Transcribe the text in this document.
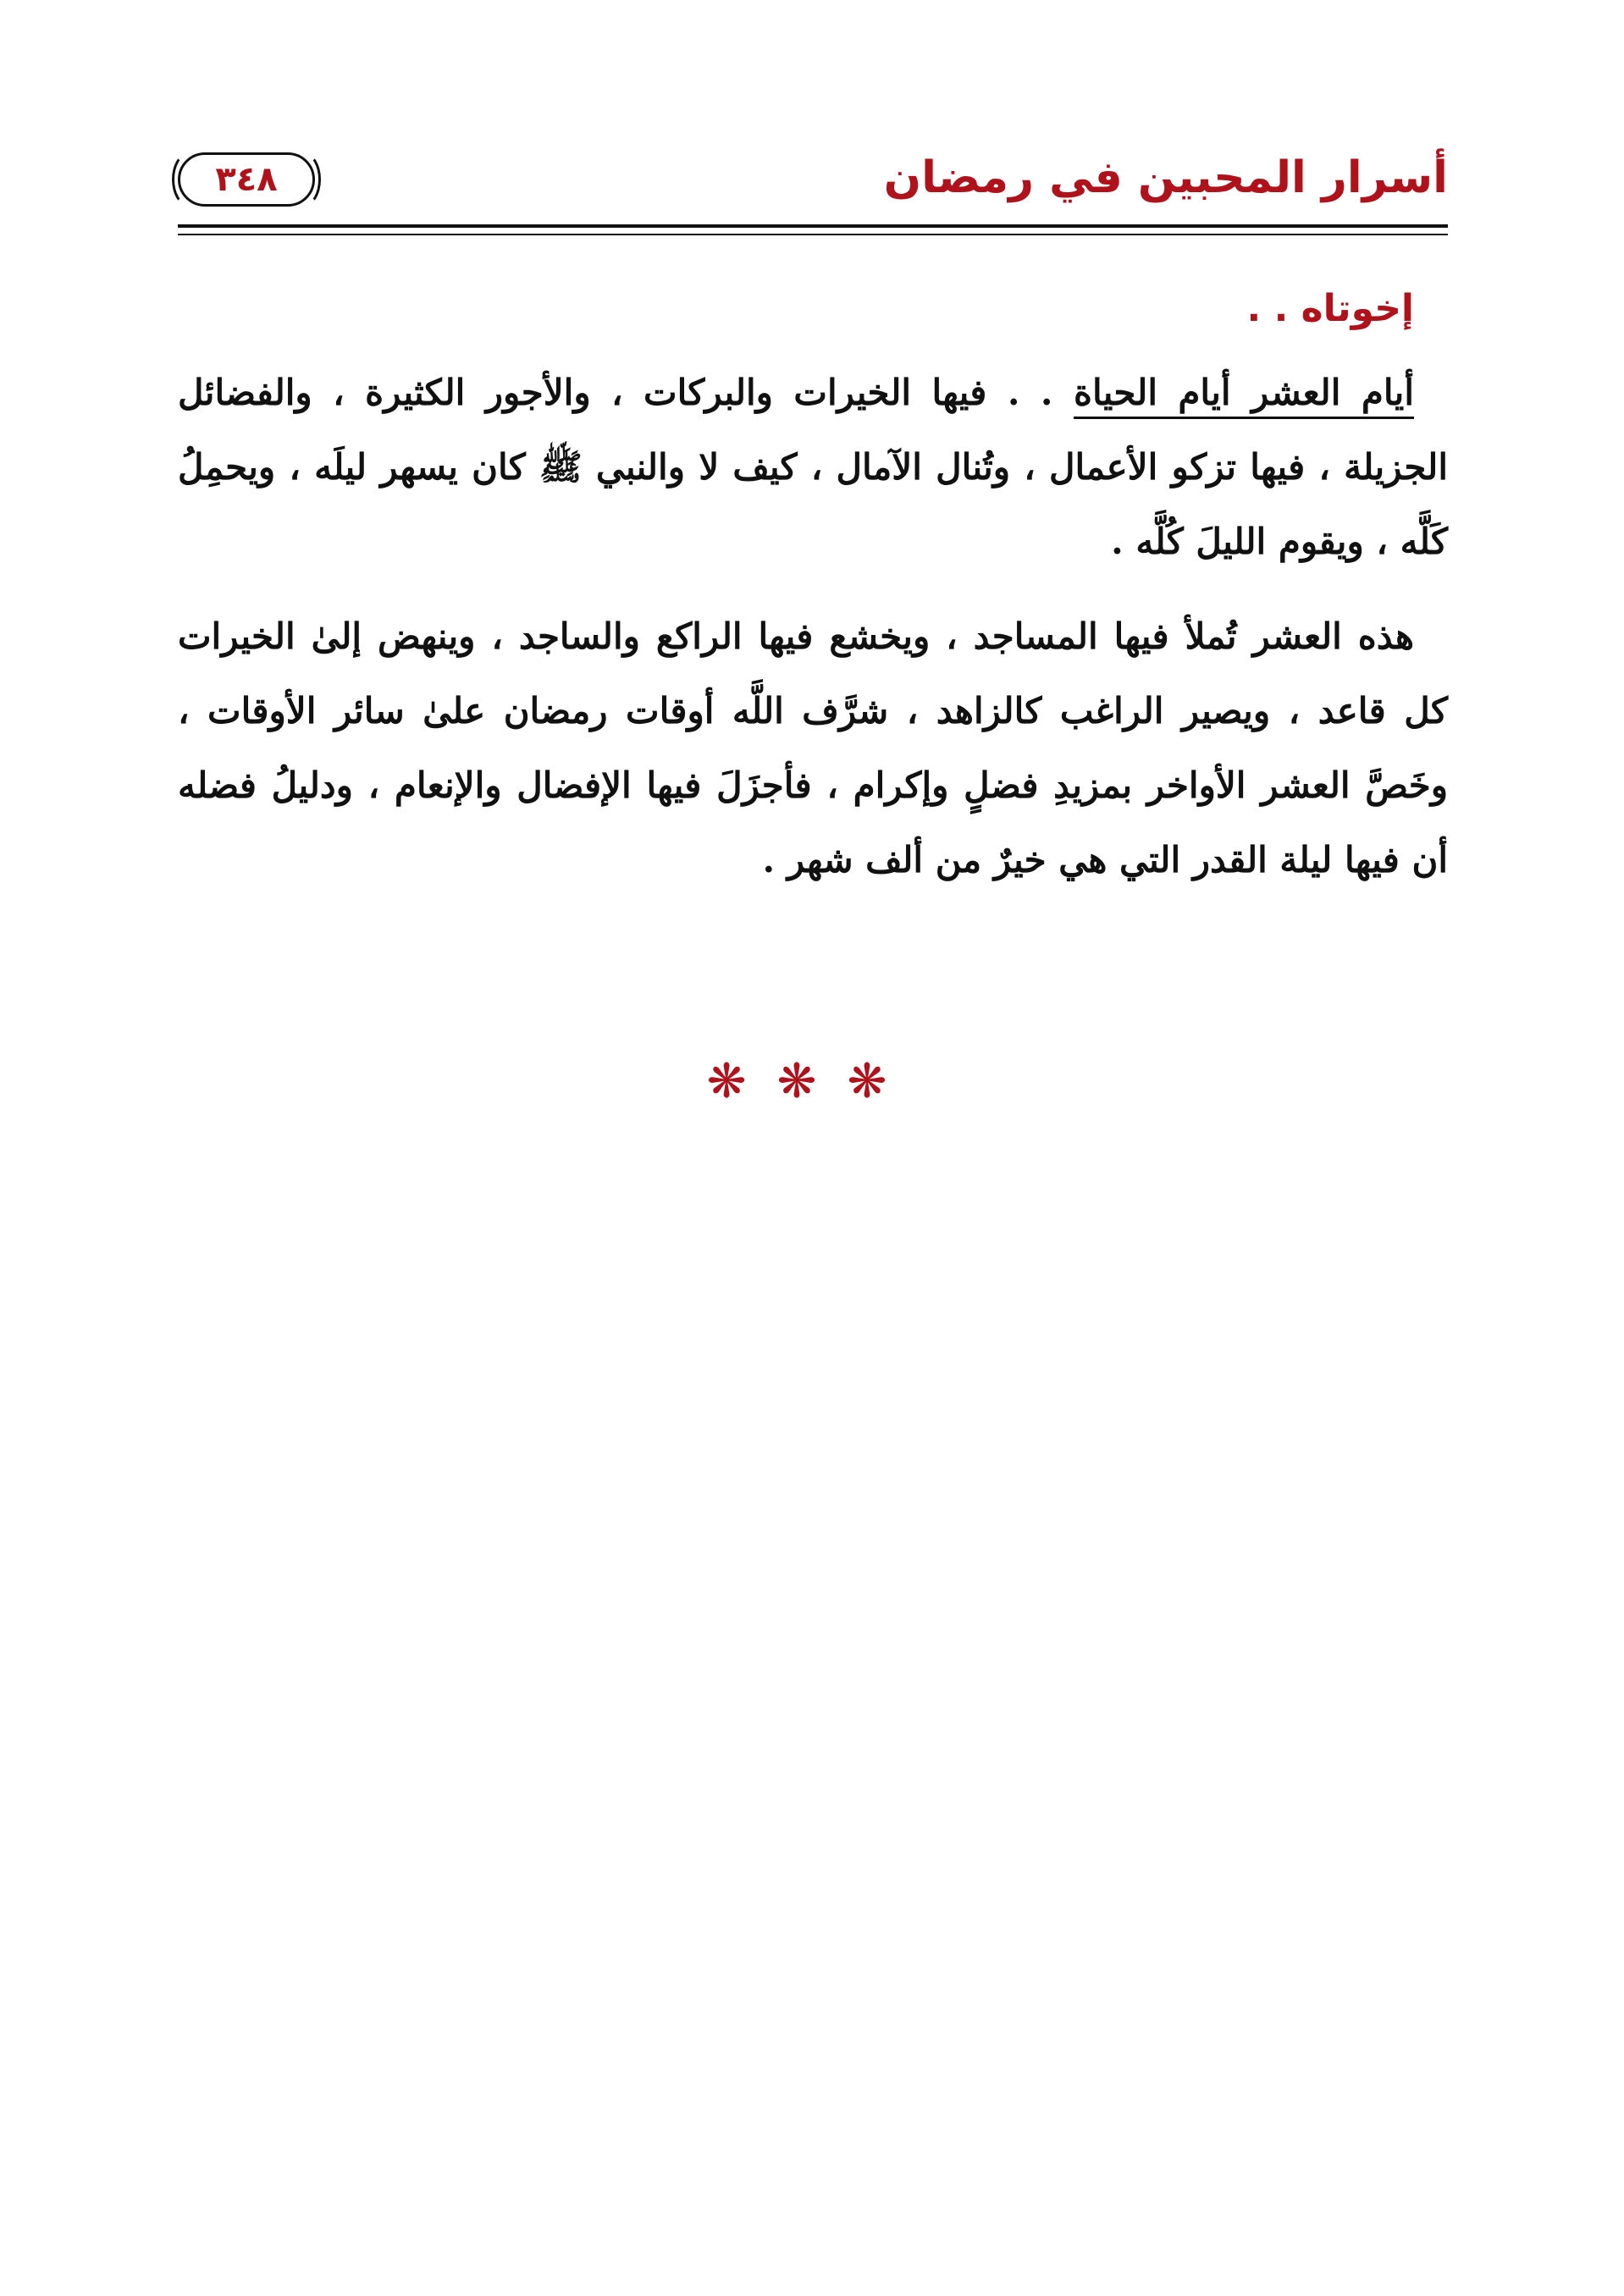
أسرار المحبين في رمضان
٣٤٨
إخوتاه . .

أيام العشر أيام الحياة . . فيها الخيرات والبركات ، والأجور الكثيرة ، والفضائل الجزيلة ، فيها تزكو الأعمال ، وتُنال الآمال ، كيف لا والنبي ﷺ كان يسهر ليلَه ، ويحمِلُ كَلَّه ، ويقوم الليلَ كُلَّه .

هذه العشر تُملأ فيها المساجد ، ويخشع فيها الراكع والساجد ، وينهض إلىٰ الخيرات كل قاعد ، ويصير الراغب كالزاهد ، شرَّف اللَّه أوقات رمضان علىٰ سائر الأوقات ، وخَصَّ العشر الأواخر بمزيدِ فضلٍ وإكرام ، فأجزَلَ فيها الإفضال والإنعام ، ودليلُ فضله أن فيها ليلة القدر التي هي خيرٌ من ألف شهر .

❋❋❋
